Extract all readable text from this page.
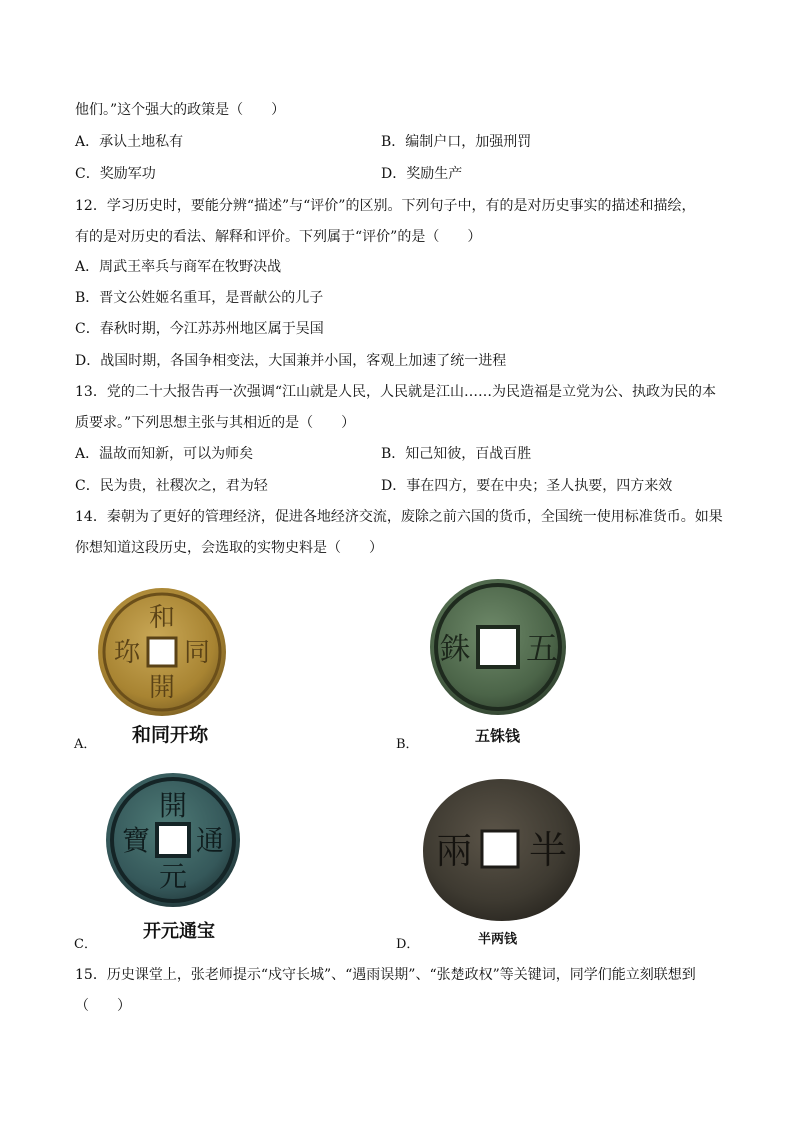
他们。”这个强大的政策是（　　）
A．承认土地私有	B．编制户口，加强刑罚
C．奖励军功	D．奖励生产
12．学习历史时，要能分辨“描述”与“评价”的区别。下列句子中，有的是对历史事实的描述和描绘，
有的是对历史的看法、解释和评价。下列属于“评价”的是（　　）
A．周武王率兵与商军在牧野决战
B．晋文公姓姬名重耳，是晋献公的儿子
C．春秋时期，今江苏苏州地区属于吴国
D．战国时期，各国争相变法，大国兼并小国，客观上加速了统一进程
13．党的二十大报告再一次强调“江山就是人民，人民就是江山……为民造福是立党为公、执政为民的本
质要求。”下列思想主张与其相近的是（　　）
A．温故而知新，可以为师矣	B．知己知彼，百战百胜
C．民为贵，社稷次之，君为轻	D．事在四方，要在中央；圣人执要，四方来效
14．秦朝为了更好的管理经济，促进各地经济交流，废除之前六国的货币，全国统一使用标准货币。如果
你想知道这段历史，会选取的实物史料是（　　）
和
同
開
珎
A． 和同开珎
五
銖
B．	五铢钱
開
通
元
寶
C．
开元通宝
半
兩
D．	半两钱
15．历史课堂上，张老师提示“戍守长城”、“遇雨误期”、“张楚政权”等关键词，同学们能立刻联想到
（　　）
